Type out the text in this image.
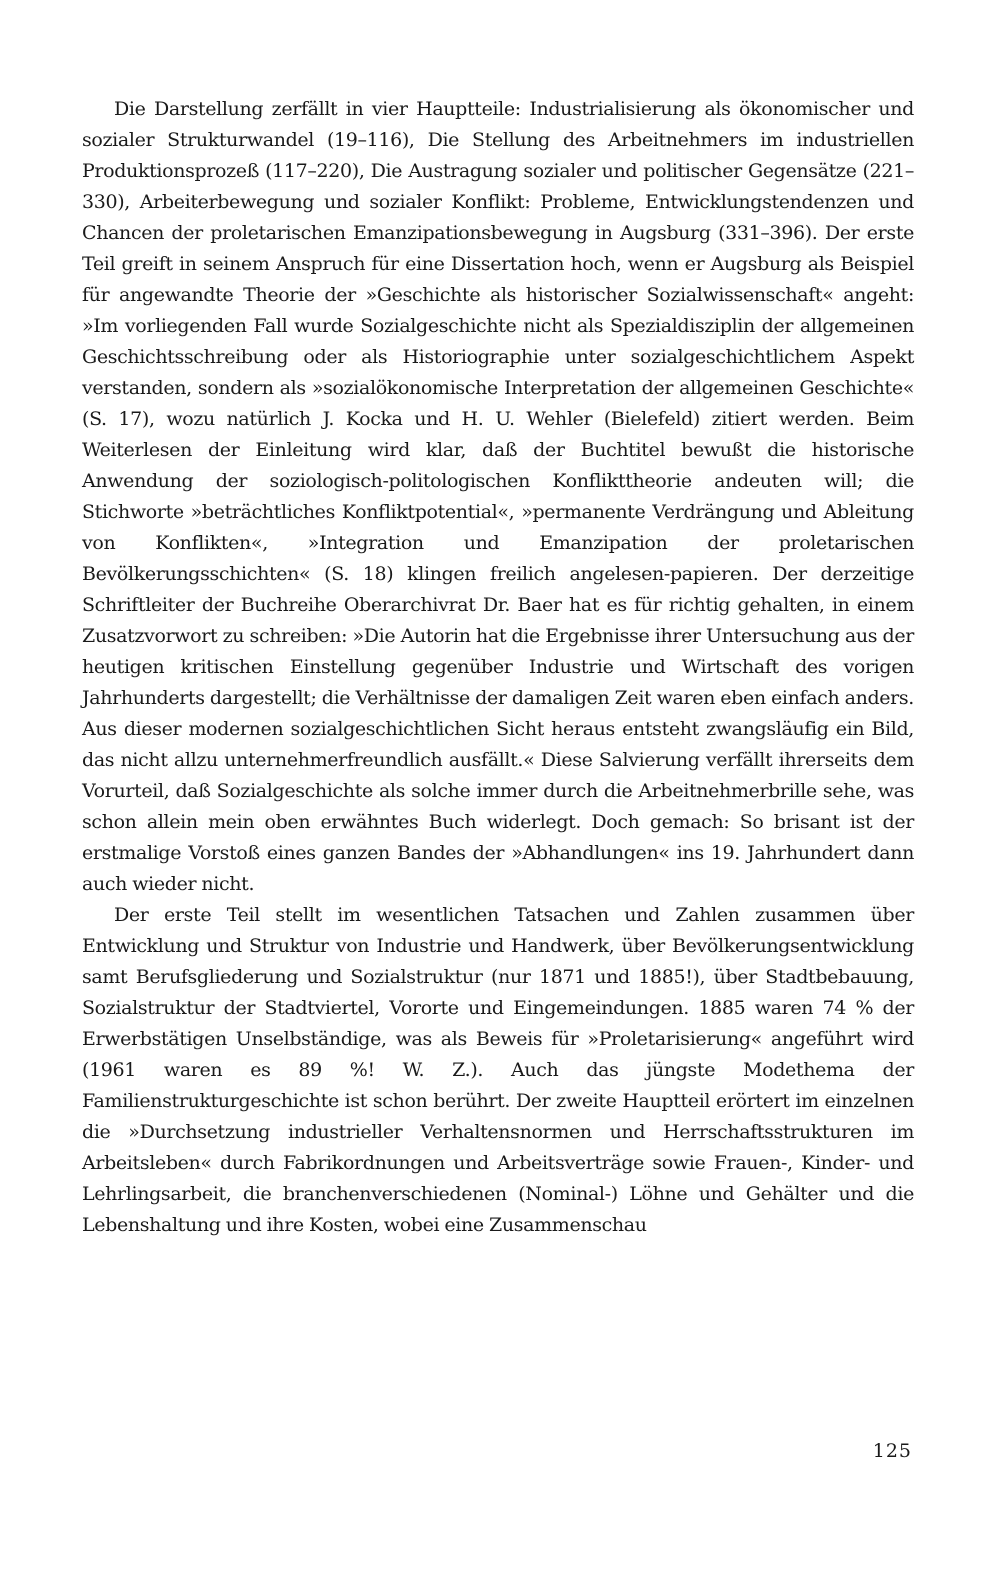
Die Darstellung zerfällt in vier Hauptteile: Industrialisierung als ökonomischer und sozialer Strukturwandel (19–116), Die Stellung des Arbeitnehmers im industriellen Produktionsprozeß (117–220), Die Austragung sozialer und politischer Gegensätze (221–330), Arbeiterbewegung und sozialer Konflikt: Probleme, Entwicklungstendenzen und Chancen der proletarischen Emanzipationsbewegung in Augsburg (331–396). Der erste Teil greift in seinem Anspruch für eine Dissertation hoch, wenn er Augsburg als Beispiel für angewandte Theorie der »Geschichte als historischer Sozialwissenschaft« angeht: »Im vorliegenden Fall wurde Sozialgeschichte nicht als Spezialdisziplin der allgemeinen Geschichtsschreibung oder als Historiographie unter sozialgeschichtlichem Aspekt verstanden, sondern als »sozialökonomische Interpretation der allgemeinen Geschichte« (S. 17), wozu natürlich J. Kocka und H. U. Wehler (Bielefeld) zitiert werden. Beim Weiterlesen der Einleitung wird klar, daß der Buchtitel bewußt die historische Anwendung der soziologisch-politologischen Konflikttheorie andeuten will; die Stichworte »beträchtliches Konfliktpotential«, »permanente Verdrängung und Ableitung von Konflikten«, »Integration und Emanzipation der proletarischen Bevölkerungsschichten« (S. 18) klingen freilich angelesen-papieren. Der derzeitige Schriftleiter der Buchreihe Oberarchivrat Dr. Baer hat es für richtig gehalten, in einem Zusatzvorwort zu schreiben: »Die Autorin hat die Ergebnisse ihrer Untersuchung aus der heutigen kritischen Einstellung gegenüber Industrie und Wirtschaft des vorigen Jahrhunderts dargestellt; die Verhältnisse der damaligen Zeit waren eben einfach anders. Aus dieser modernen sozialgeschichtlichen Sicht heraus entsteht zwangsläufig ein Bild, das nicht allzu unternehmerfreundlich ausfällt.« Diese Salvierung verfällt ihrerseits dem Vorurteil, daß Sozialgeschichte als solche immer durch die Arbeitnehmerbrille sehe, was schon allein mein oben erwähntes Buch widerlegt. Doch gemach: So brisant ist der erstmalige Vorstoß eines ganzen Bandes der »Abhandlungen« ins 19. Jahrhundert dann auch wieder nicht.

Der erste Teil stellt im wesentlichen Tatsachen und Zahlen zusammen über Entwicklung und Struktur von Industrie und Handwerk, über Bevölkerungsentwicklung samt Berufsgliederung und Sozialstruktur (nur 1871 und 1885!), über Stadtbebauung, Sozialstruktur der Stadtviertel, Vororte und Eingemeindungen. 1885 waren 74 % der Erwerbstätigen Unselbständige, was als Beweis für »Proletarisierung« angeführt wird (1961 waren es 89 %! W. Z.). Auch das jüngste Modethema der Familienstrukturgeschichte ist schon berührt. Der zweite Hauptteil erörtert im einzelnen die »Durchsetzung industrieller Verhaltensnormen und Herrschaftsstrukturen im Arbeitsleben« durch Fabrikordnungen und Arbeitsverträge sowie Frauen-, Kinder- und Lehrlingsarbeit, die branchenverschiedenen (Nominal-) Löhne und Gehälter und die Lebenshaltung und ihre Kosten, wobei eine Zusammenschau

125
